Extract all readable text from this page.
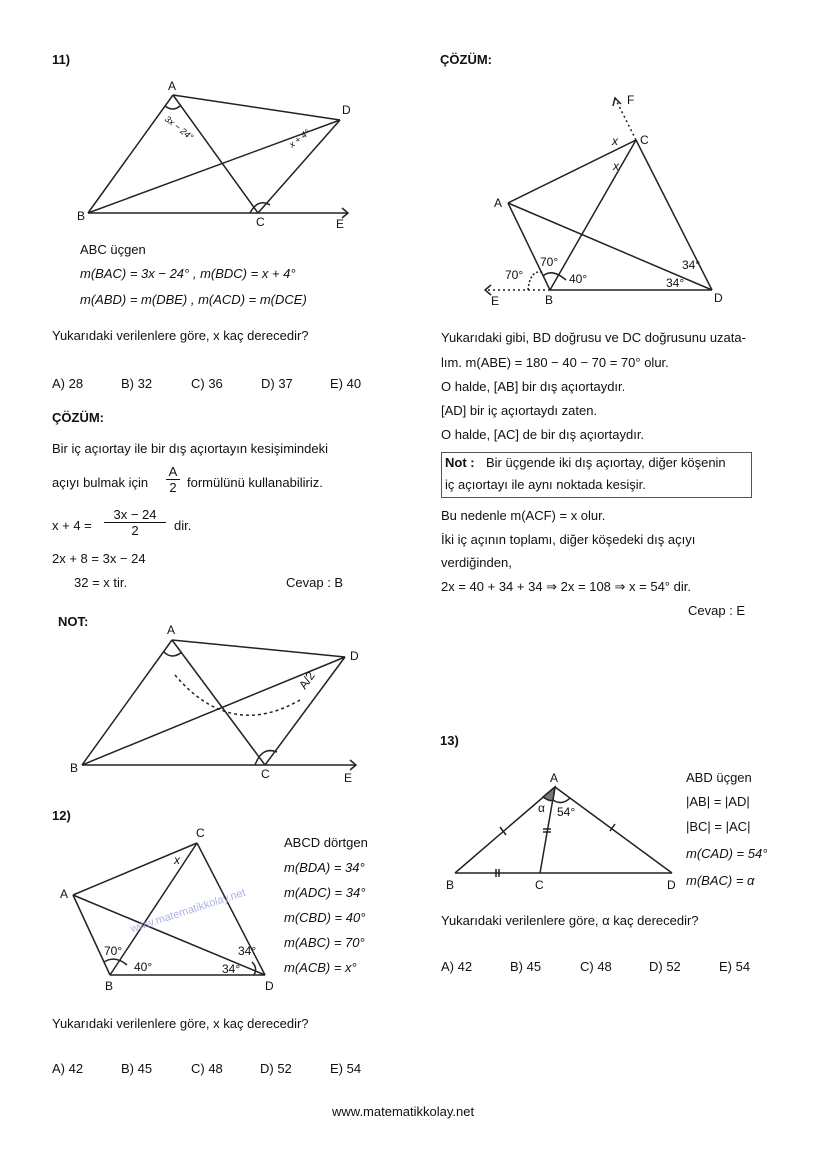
A
D
B	C	E
3x − 24°	x + 4°
A
D
B	C	E
A/2
C
A
B	D
x
70°
40°
34°
34°
F
C
A
B	D
E
x
x
70°
70°
40°
34°
34°
A
B	C	D
α 54°
11)
ABC üçgen
m(BAC) = 3x − 24° , m(BDC) = x + 4°
m(ABD) = m(DBE) , m(ACD) = m(DCE)
Yukarıdaki verilenlere göre, x kaç derecedir?
A) 28	B) 32	C) 36	D) 37	E) 40
ÇÖZÜM:
Bir iç açıortay ile bir dış açıortayın kesişimindeki
açıyı bulmak için $\frac{A}{2}$ formülünü kullanabiliriz.
$x + 4 = \frac{3x - 24}{2}$ dir.
2x + 8 = 3x − 24
32 = x tir.	Cevap : B
NOT:
12)
ABCD dörtgen
m(BDA) = 34°
m(ADC) = 34°
m(CBD) = 40°
m(ABC) = 70°
m(ACB) = x°
www.matematikkolay.net
Yukarıdaki verilenlere göre, x kaç derecedir?
A) 42	B) 45	C) 48	D) 52	E) 54
ÇÖZÜM:
Yukarıdaki gibi, BD doğrusu ve DC doğrusunu uzata-
lım. m(ABE) = 180 − 40 − 70 = 70° olur.
O halde, [AB] bir dış açıortaydır.
[AD] bir iç açıortaydı zaten.
O halde, [AC] de bir dış açıortaydır.
Not : Bir üçgende iki dış açıortay, diğer köşenin
iç açıortayı ile aynı noktada kesişir.
Bu nedenle m(ACF) = x olur.
İki iç açının toplamı, diğer köşedeki dış açıyı
verdiğinden,
2x = 40 + 34 + 34 ⇒ 2x = 108 ⇒ x = 54° dir.
Cevap : E
13)
ABD üçgen
|AB| = |AD|
|BC| = |AC|
m(CAD) = 54°
m(BAC) = α
Yukarıdaki verilenlere göre, α kaç derecedir?
A) 42	B) 45	C) 48	D) 52	E) 54
www.matematikkolay.net
